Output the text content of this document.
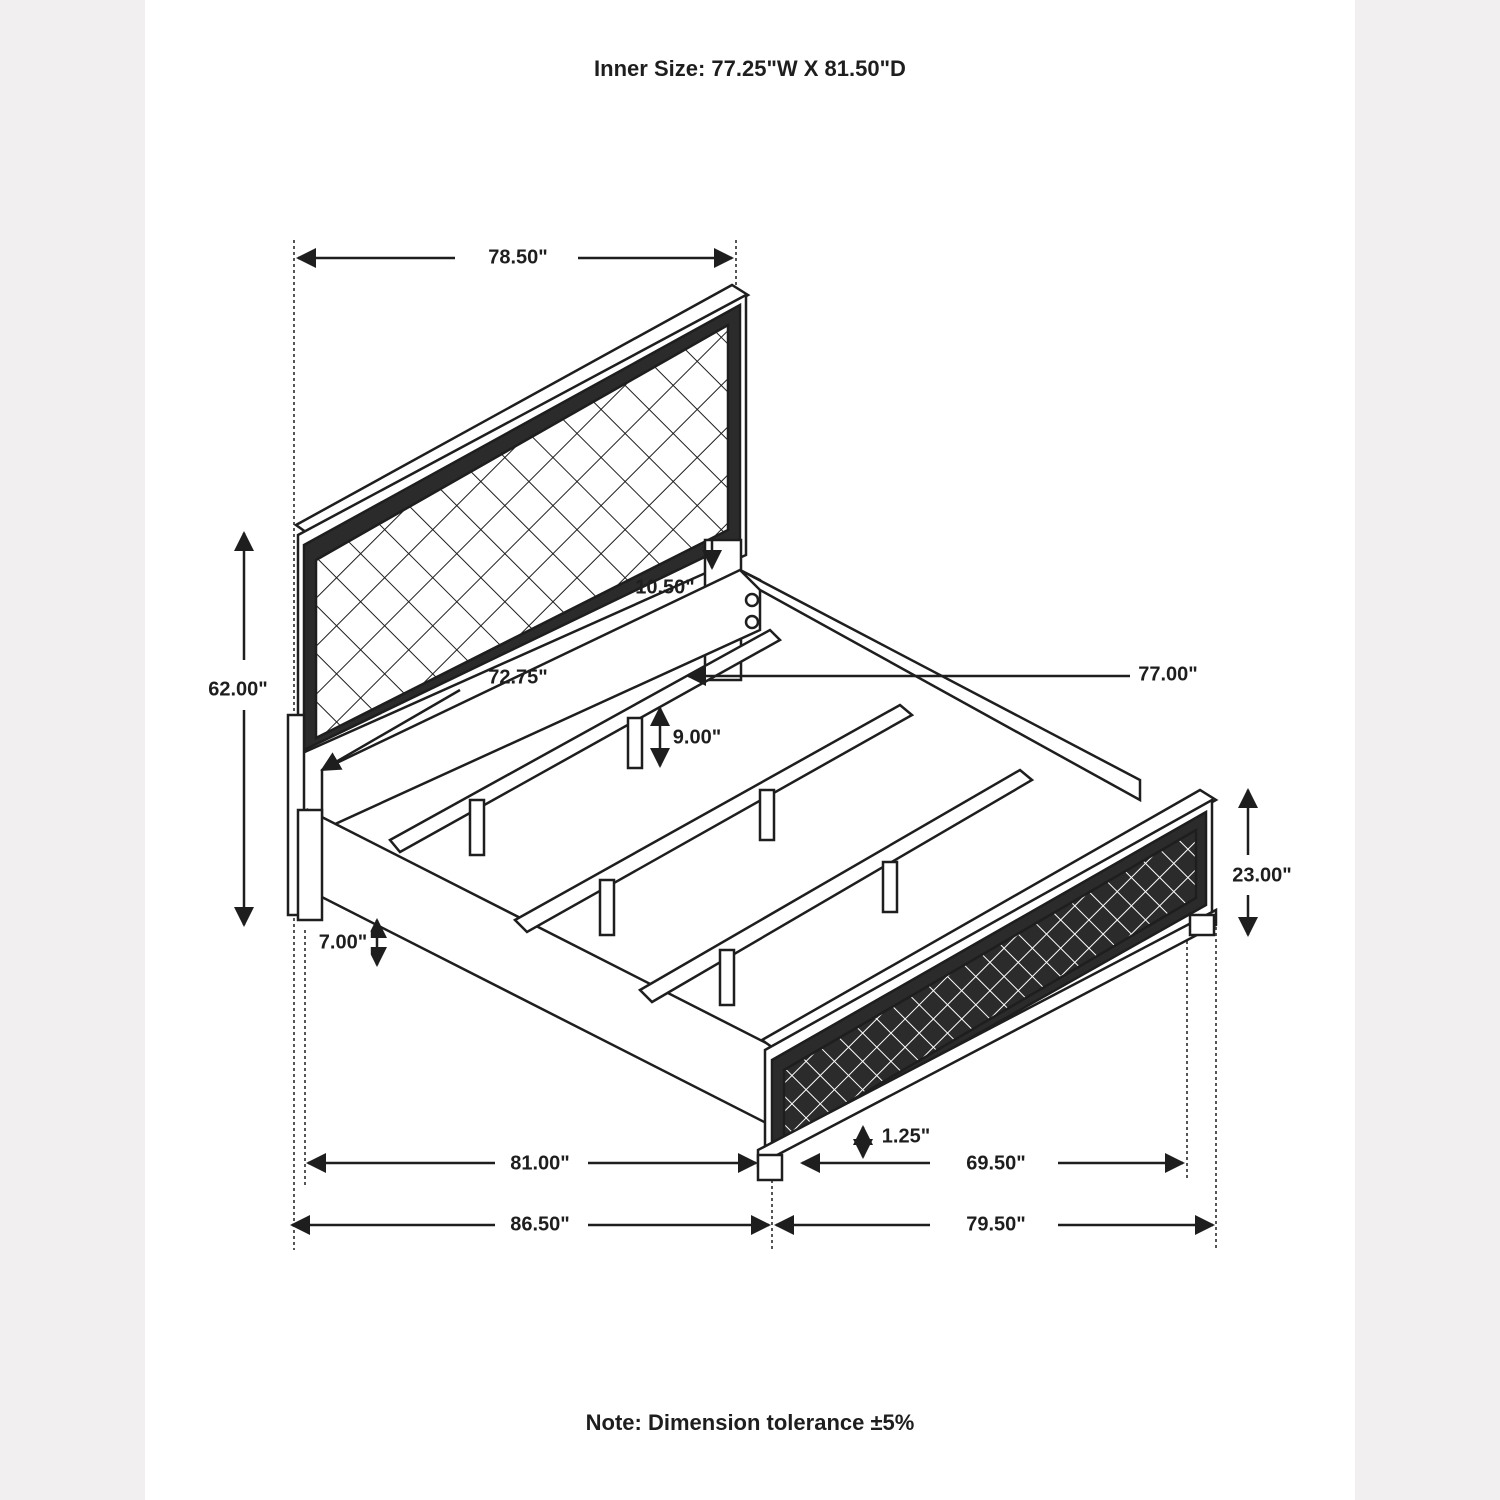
Inner Size: 77.25"W X 81.50"D
78.50"
62.00"
10.50"
72.75"	77.00"
9.00"
23.00"
7.00"
1.25"
81.00"	69.50"
86.50"	79.50"
Note: Dimension tolerance ±5%
